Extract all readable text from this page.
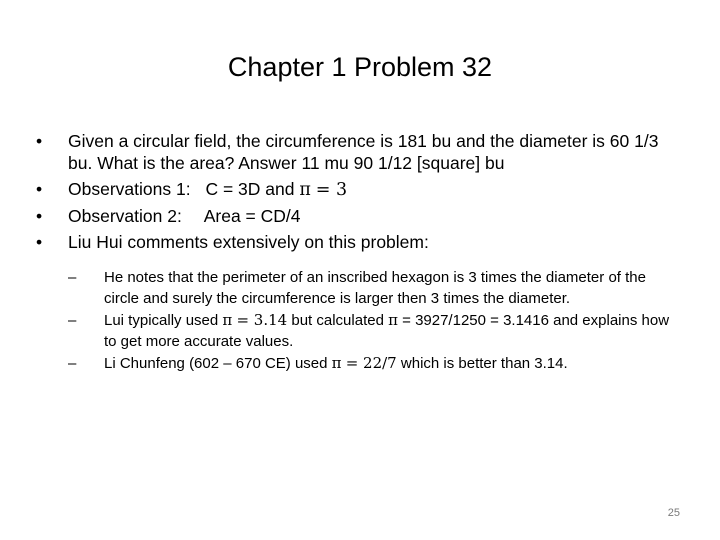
Chapter 1 Problem 32
•	Given a circular field, the circumference is 181 bu and the diameter is 60 1/3 bu. What is the area? Answer 11 mu 90 1/12 [square] bu
•	Observations 1: C = 3D and π = 3
•	Observation 2: Area = CD/4
•	Liu Hui comments extensively on this problem:
– He notes that the perimeter of an inscribed hexagon is 3 times the diameter of the circle and surely the circumference is larger then 3 times the diameter.
– Lui typically used π = 3.14 but calculated π = 3927/1250 = 3.1416 and explains how to get more accurate values.
– Li Chunfeng (602 – 670 CE) used π = 22/7 which is better than 3.14.
25
